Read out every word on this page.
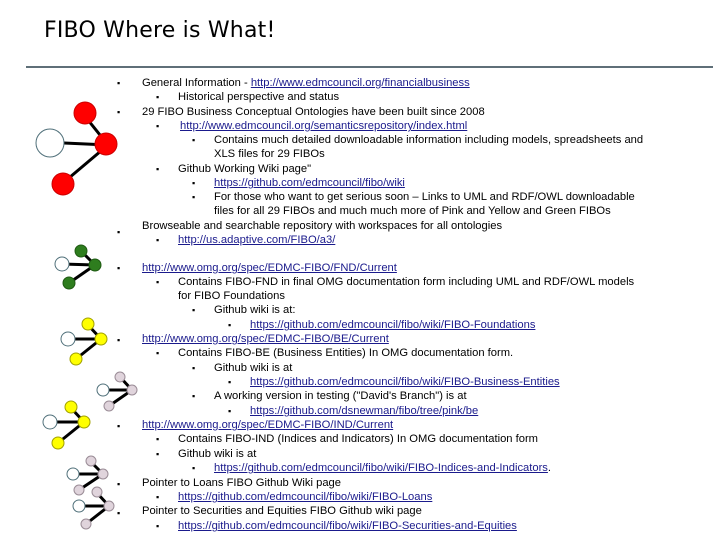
FIBO Where is What!
▪
▪
▪
▪
▪
▪
▪
▪
General Information - http://www.edmcouncil.org/financialbusiness
▪ Historical perspective and status
29 FIBO Business Conceptual Ontologies have been built since 2008
▪ http://www.edmcouncil.org/semanticsrepository/index.html
▪ Contains much detailed downloadable information including models, spreadsheets and
XLS files for 29 FIBOs
▪ Github Working Wiki page"
▪ https://github.com/edmcouncil/fibo/wiki
▪ For those who want to get serious soon – Links to UML and RDF/OWL downloadable
files for all 29 FIBOs and much much more of Pink and Yellow and Green FIBOs
Browseable and searchable repository with workspaces for all ontologies
▪ http://us.adaptive.com/FIBO/a3/
http://www.omg.org/spec/EDMC-FIBO/FND/Current
▪ Contains FIBO-FND in final OMG documentation form including UML and RDF/OWL models
for FIBO Foundations
▪ Github wiki is at:
▪ https://github.com/edmcouncil/fibo/wiki/FIBO-Foundations
http://www.omg.org/spec/EDMC-FIBO/BE/Current
▪ Contains FIBO-BE (Business Entities) In OMG documentation form.
▪ Github wiki is at
▪ https://github.com/edmcouncil/fibo/wiki/FIBO-Business-Entities
▪ A working version in testing ("David's Branch") is at
▪ https://github.com/dsnewman/fibo/tree/pink/be
http://www.omg.org/spec/EDMC-FIBO/IND/Current
▪ Contains FIBO-IND (Indices and Indicators) In OMG documentation form
▪ Github wiki is at
▪ https://github.com/edmcouncil/fibo/wiki/FIBO-Indices-and-Indicators.
Pointer to Loans FIBO Github Wiki page
▪ https://github.com/edmcouncil/fibo/wiki/FIBO-Loans
Pointer to Securities and Equities FIBO Github wiki page
▪ https://github.com/edmcouncil/fibo/wiki/FIBO-Securities-and-Equities
